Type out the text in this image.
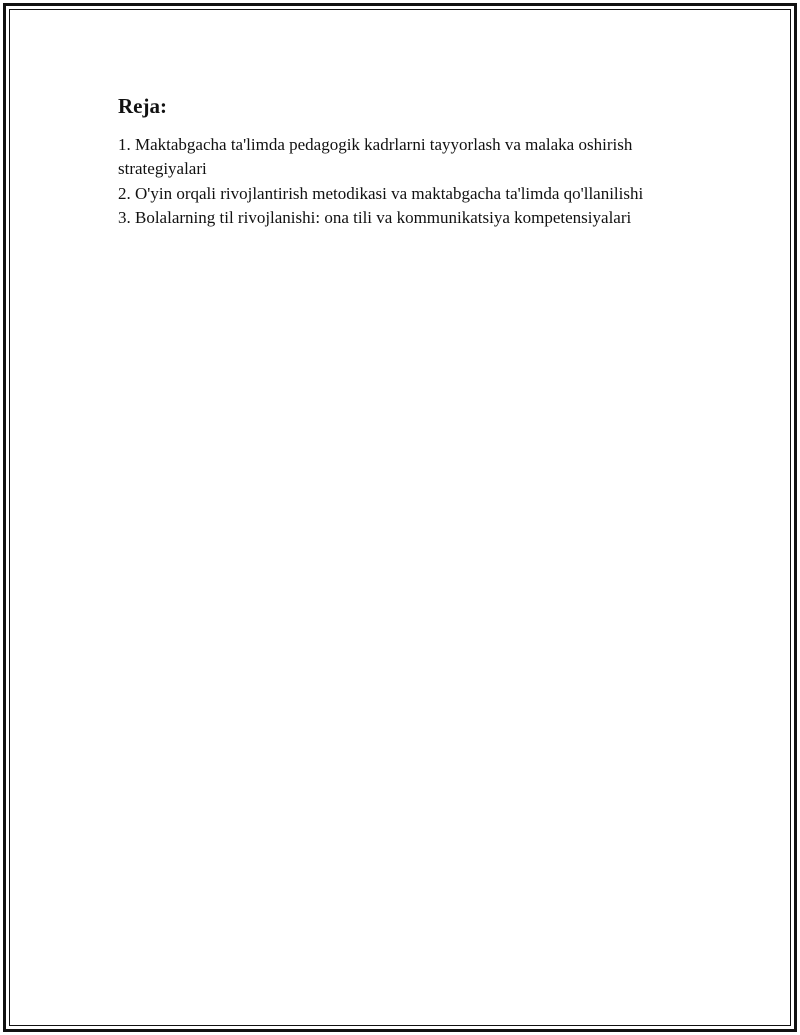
Reja:
1. Maktabgacha ta'limda pedagogik kadrlarni tayyorlash va malaka oshirish strategiyalari
2. O'yin orqali rivojlantirish metodikasi va maktabgacha ta'limda qo'llanilishi
3. Bolalarning til rivojlanishi: ona tili va kommunikatsiya kompetensiyalari
